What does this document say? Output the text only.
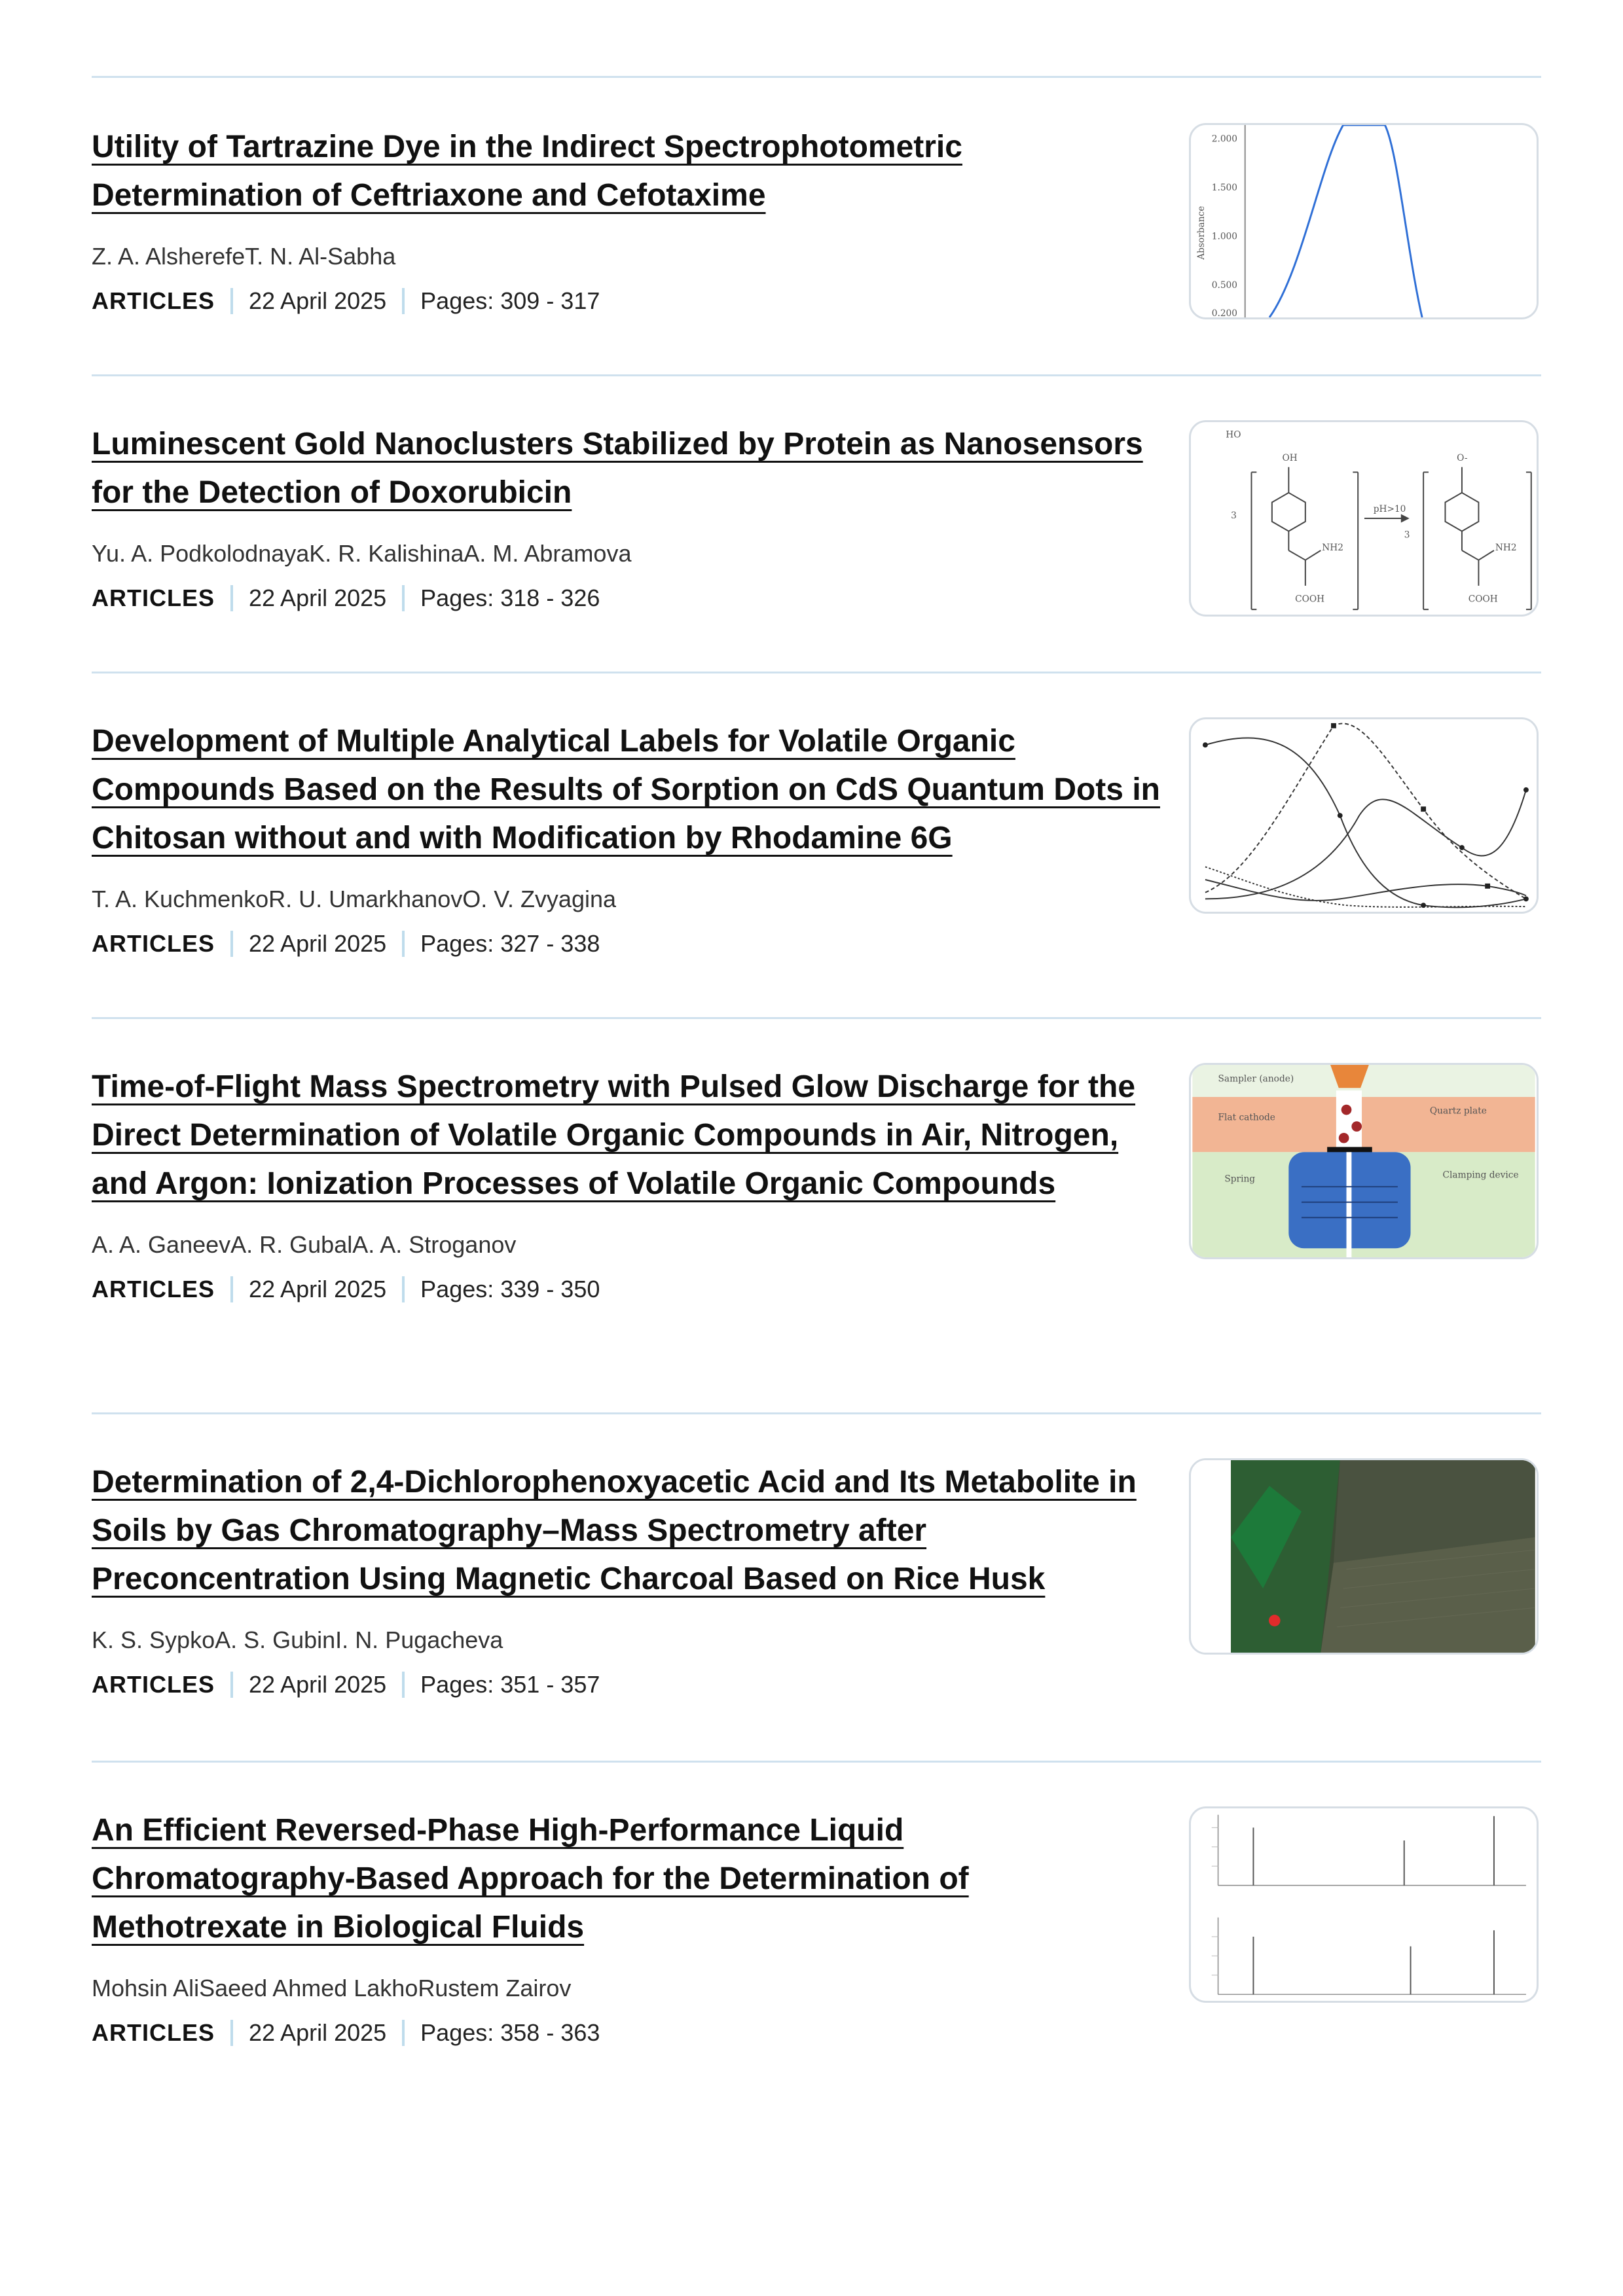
Utility of Tartrazine Dye in the Indirect Spectrophotometric Determination of Ceftriaxone and Cefotaxime
Z. A. AlsherefeT. N. Al-Sabha
ARTICLES 22 April 2025 Pages: 309 - 317
2.000
1.500
1.000
0.500
0.200
Absorbance
Luminescent Gold Nanoclusters Stabilized by Protein as Nanosensors for the Detection of Doxorubicin
Yu. A. PodkolodnayaK. R. KalishinaA. M. Abramova
ARTICLES 22 April 2025 Pages: 318 - 326
HO
OH
NH2
COOH
pH>10
O-
NH2
COOH
3
3
Development of Multiple Analytical Labels for Volatile Organic Compounds Based on the Results of Sorption on CdS Quantum Dots in Chitosan without and with Modification by Rhodamine 6G
T. A. KuchmenkoR. U. UmarkhanovO. V. Zvyagina
ARTICLES 22 April 2025 Pages: 327 - 338
Time-of-Flight Mass Spectrometry with Pulsed Glow Discharge for the Direct Determination of Volatile Organic Compounds in Air, Nitrogen, and Argon: Ionization Processes of Volatile Organic Compounds
A. A. GaneevA. R. GubalA. A. Stroganov
ARTICLES 22 April 2025 Pages: 339 - 350
Sampler (anode)
Flat cathode
Quartz plate
Spring	Clamping device
Determination of 2,4-Dichlorophenoxyacetic Acid and Its Metabolite in Soils by Gas Chromatography–Mass Spectrometry after Preconcentration Using Magnetic Charcoal Based on Rice Husk
K. S. SypkoA. S. GubinI. N. Pugacheva
ARTICLES 22 April 2025 Pages: 351 - 357
An Efficient Reversed-Phase High-Performance Liquid Chromatography-Based Approach for the Determination of Methotrexate in Biological Fluids
Mohsin AliSaeed Ahmed LakhoRustem Zairov
ARTICLES 22 April 2025 Pages: 358 - 363
